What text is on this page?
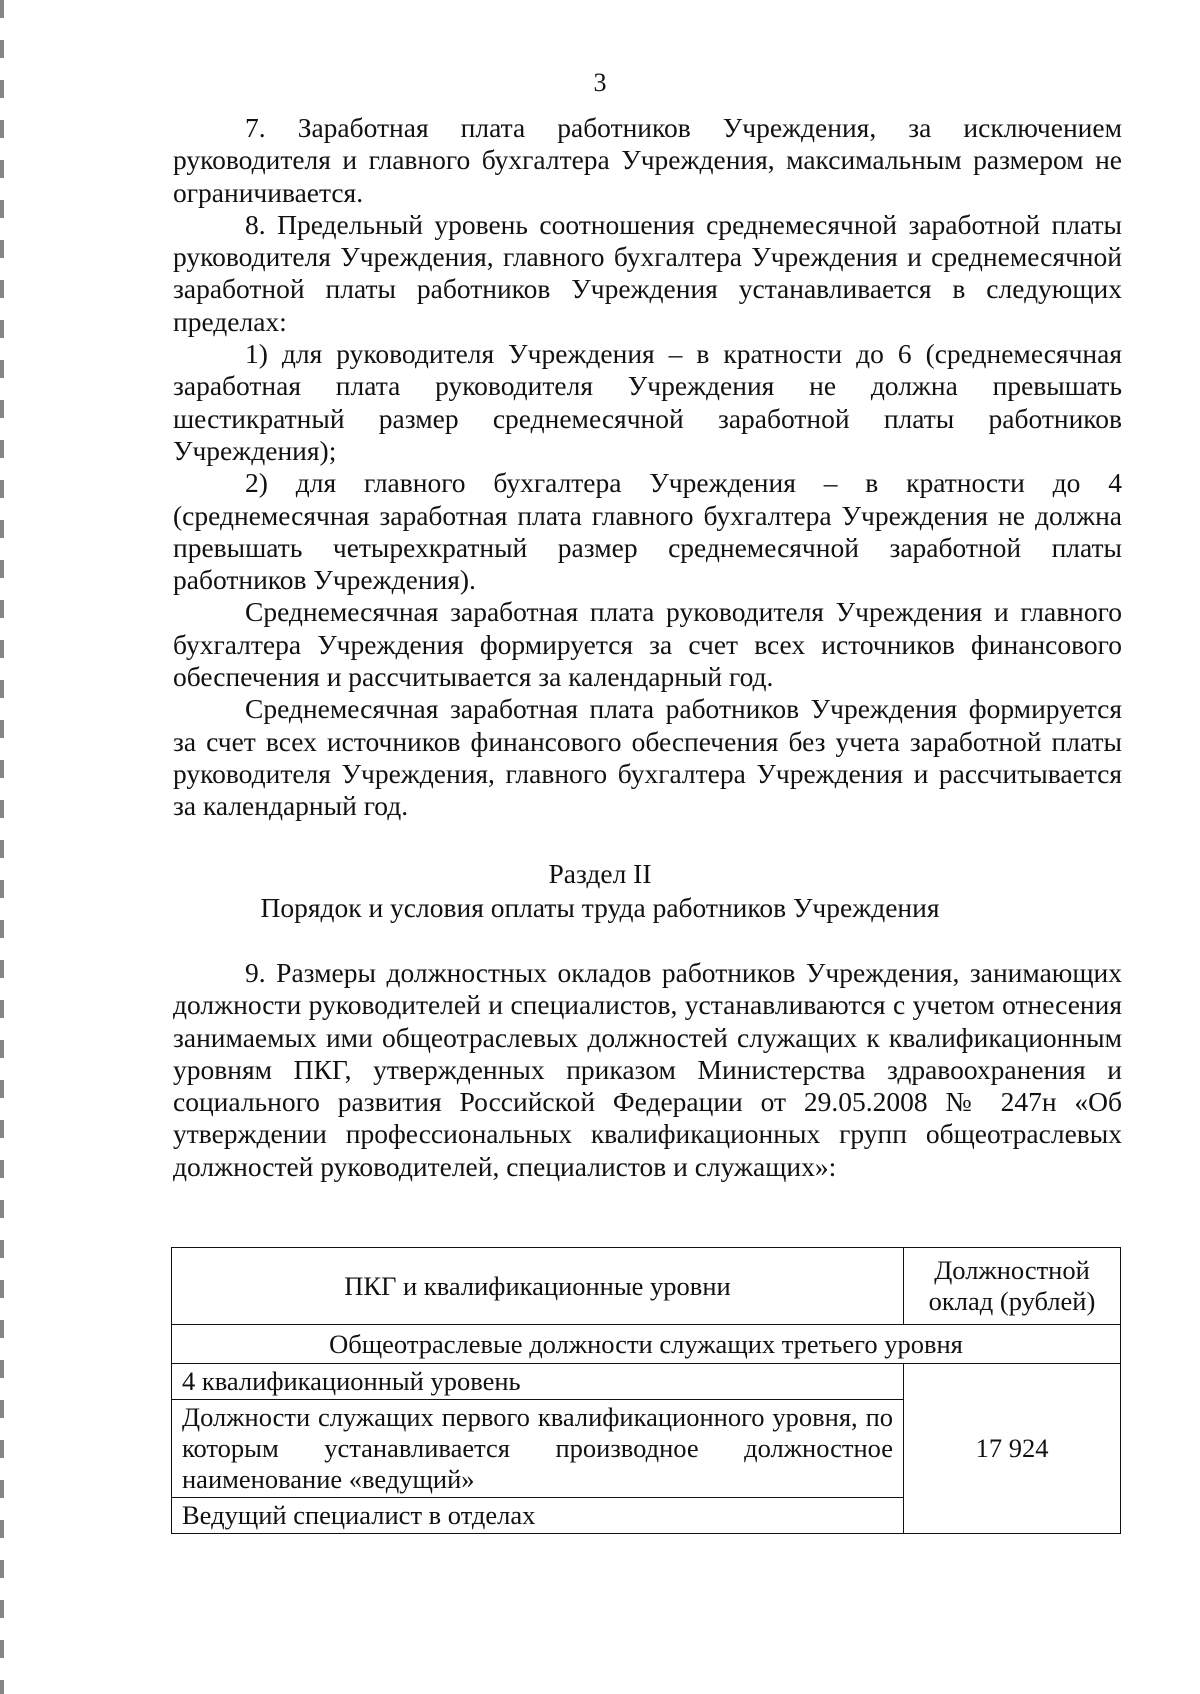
3

7. Заработная плата работников Учреждения, за исключением руководителя и главного бухгалтера Учреждения, максимальным размером не ограничивается.

8. Предельный уровень соотношения среднемесячной заработной платы руководителя Учреждения, главного бухгалтера Учреждения и среднемесячной заработной платы работников Учреждения устанавливается в следующих пределах:

1) для руководителя Учреждения – в кратности до 6 (среднемесячная заработная плата руководителя Учреждения не должна превышать шестикратный размер среднемесячной заработной платы работников Учреждения);

2) для главного бухгалтера Учреждения – в кратности до 4 (среднемесячная заработная плата главного бухгалтера Учреждения не должна превышать четырехкратный размер среднемесячной заработной платы работников Учреждения).

Среднемесячная заработная плата руководителя Учреждения и главного бухгалтера Учреждения формируется за счет всех источников финансового обеспечения и рассчитывается за календарный год.

Среднемесячная заработная плата работников Учреждения формируется за счет всех источников финансового обеспечения без учета заработной платы руководителя Учреждения, главного бухгалтера Учреждения и рассчитывается за календарный год.

Раздел II
Порядок и условия оплаты труда работников Учреждения

9. Размеры должностных окладов работников Учреждения, занимающих должности руководителей и специалистов, устанавливаются с учетом отнесения занимаемых ими общеотраслевых должностей служащих к квалификационным уровням ПКГ, утвержденных приказом Министерства здравоохранения и социального развития Российской Федерации от 29.05.2008 № 247н «Об утверждении профессиональных квалификационных групп общеотраслевых должностей руководителей, специалистов и служащих»:

ПКГ и квалификационные уровни	Должностной оклад (рублей)
Общеотраслевые должности служащих третьего уровня	
4 квалификационный уровень	17 924
Должности служащих первого квалификационного уровня, по которым устанавливается производное должностное наименование «ведущий»	
Ведущий специалист в отделах	
